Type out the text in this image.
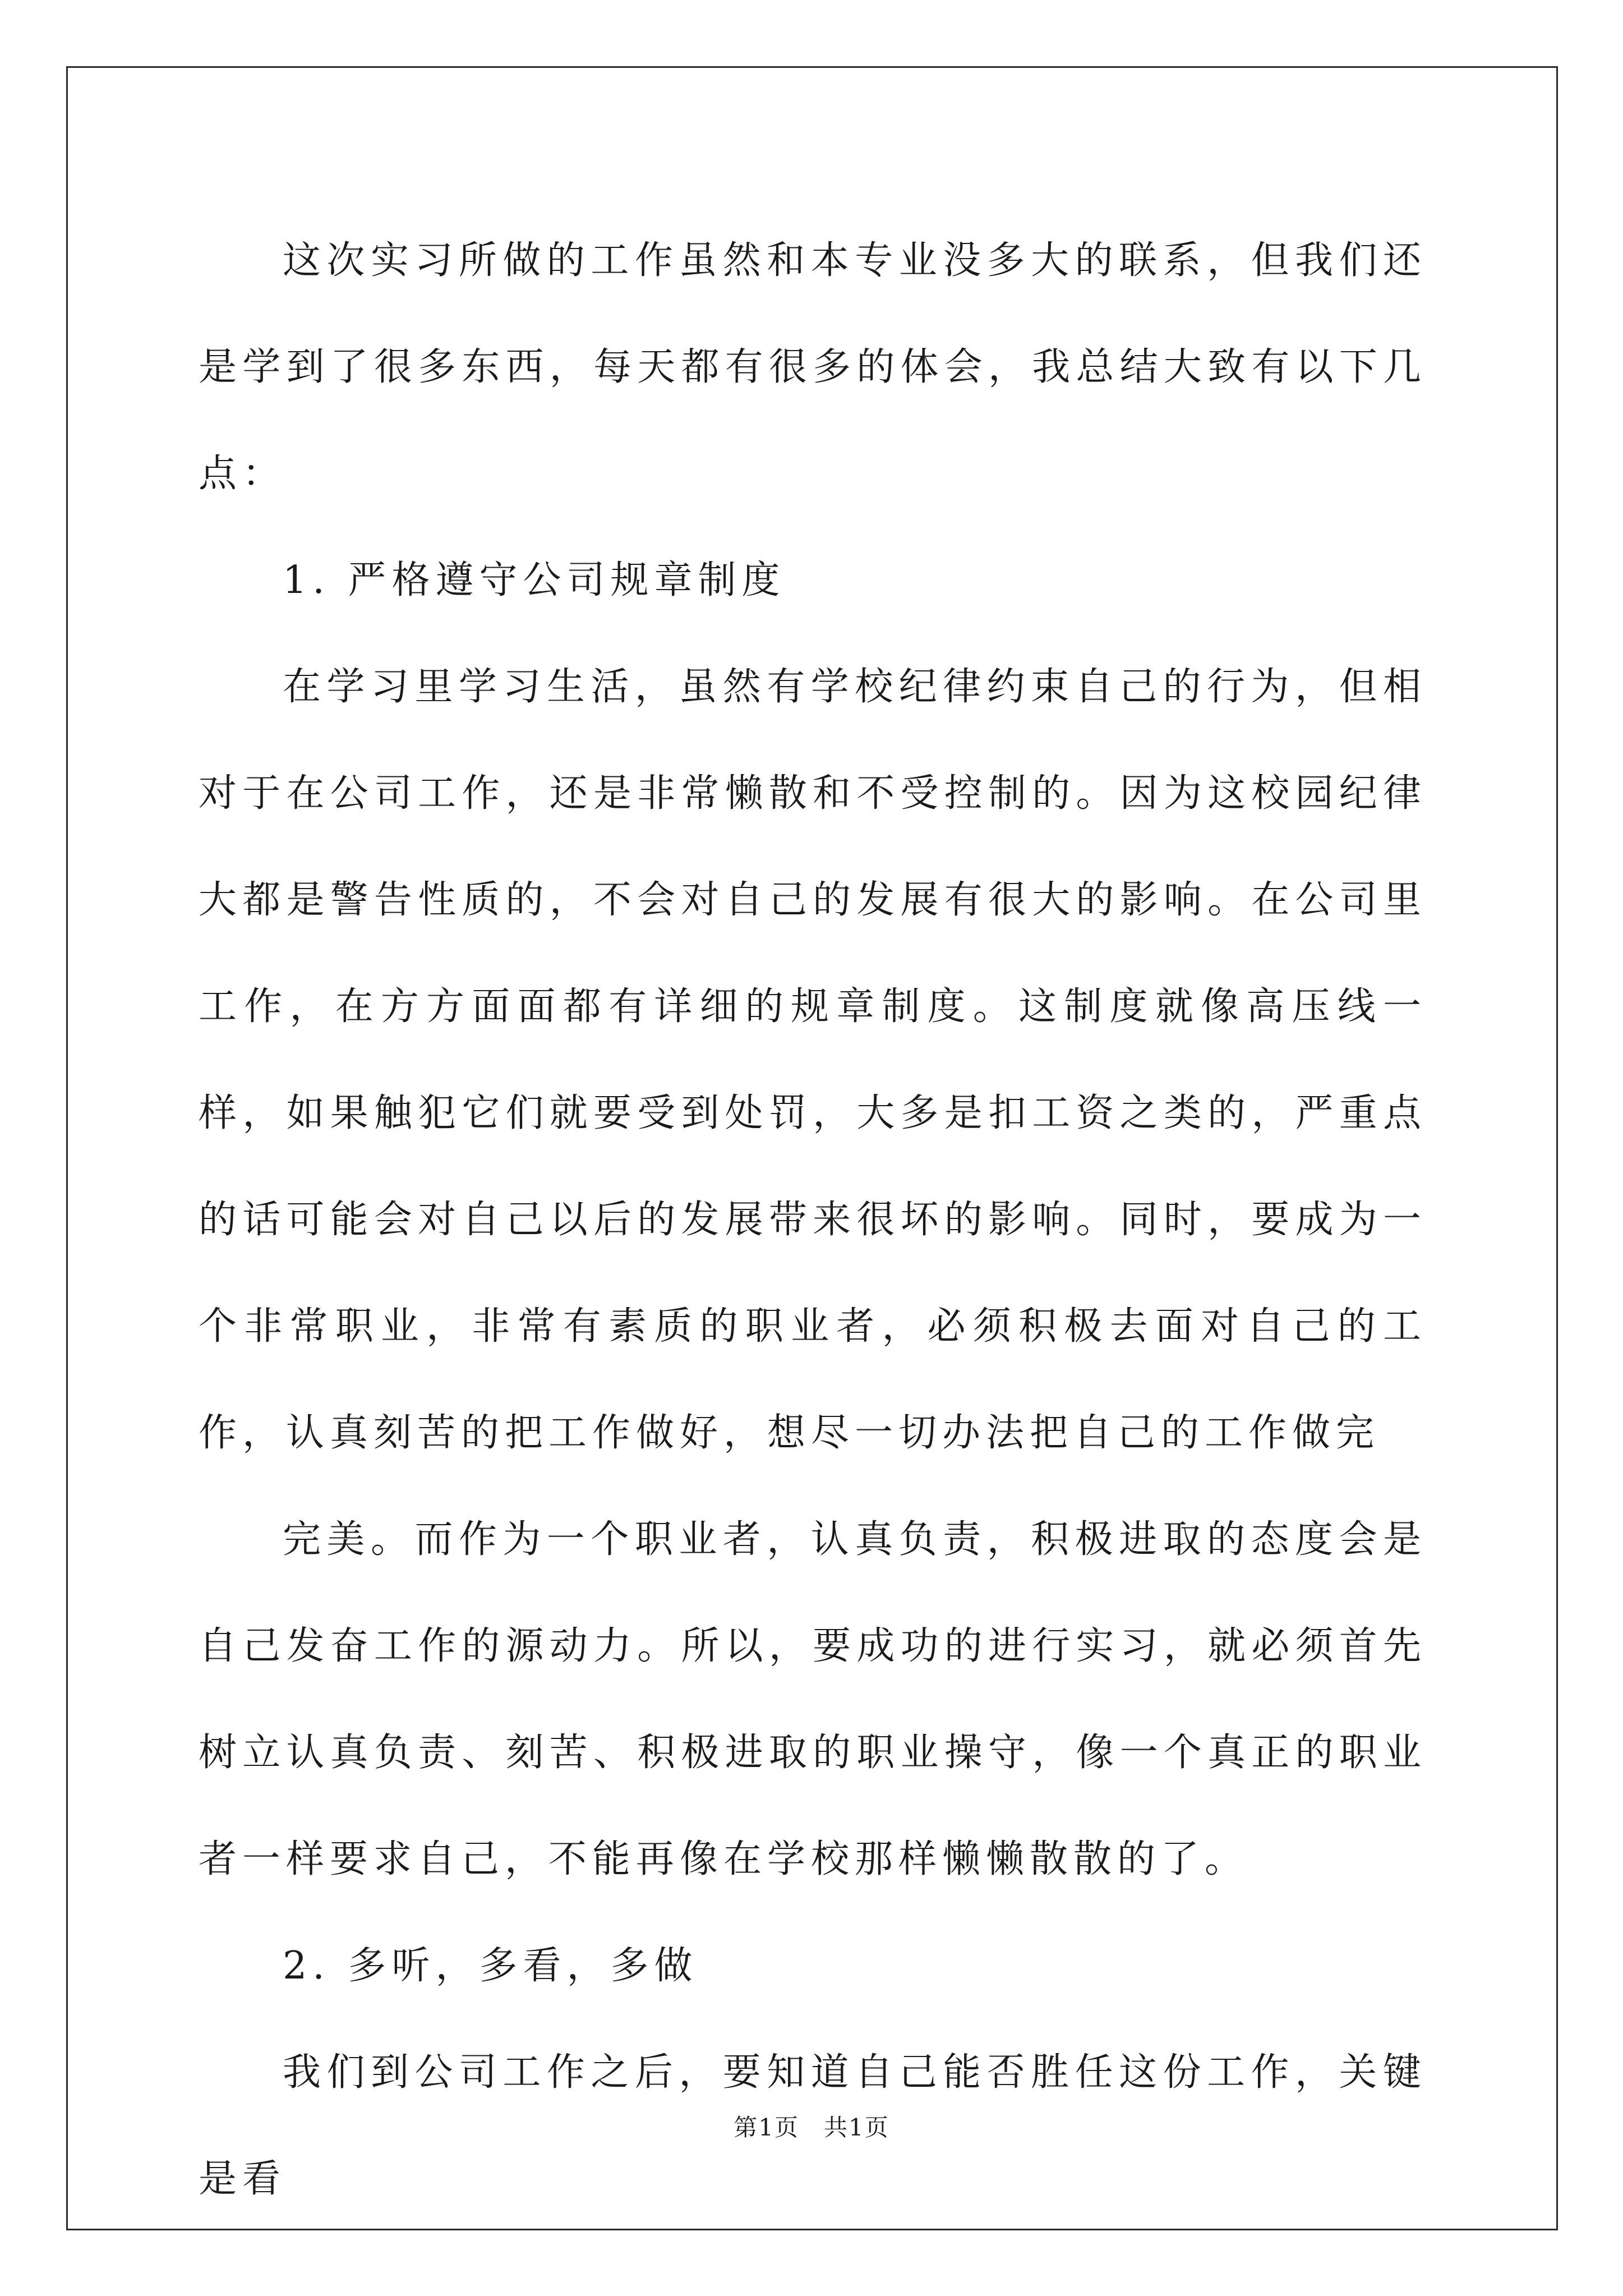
这次实习所做的工作虽然和本专业没多大的联系，但我们还是学到了很多东西，每天都有很多的体会，我总结大致有以下几点：

1. 严格遵守公司规章制度

在学习里学习生活，虽然有学校纪律约束自己的行为，但相对于在公司工作，还是非常懒散和不受控制的。因为这校园纪律大都是警告性质的，不会对自己的发展有很大的影响。在公司里工作，在方方面面都有详细的规章制度。这制度就像高压线一样，如果触犯它们就要受到处罚，大多是扣工资之类的，严重点的话可能会对自己以后的发展带来很坏的影响。同时，要成为一个非常职业，非常有素质的职业者，必须积极去面对自己的工作，认真刻苦的把工作做好，想尽一切办法把自己的工作做完

完美。而作为一个职业者，认真负责，积极进取的态度会是自己发奋工作的源动力。所以，要成功的进行实习，就必须首先树立认真负责、刻苦、积极进取的职业操守，像一个真正的职业者一样要求自己，不能再像在学校那样懒懒散散的了。

2. 多听，多看，多做

我们到公司工作之后，要知道自己能否胜任这份工作，关键是看

第1页 共1页
